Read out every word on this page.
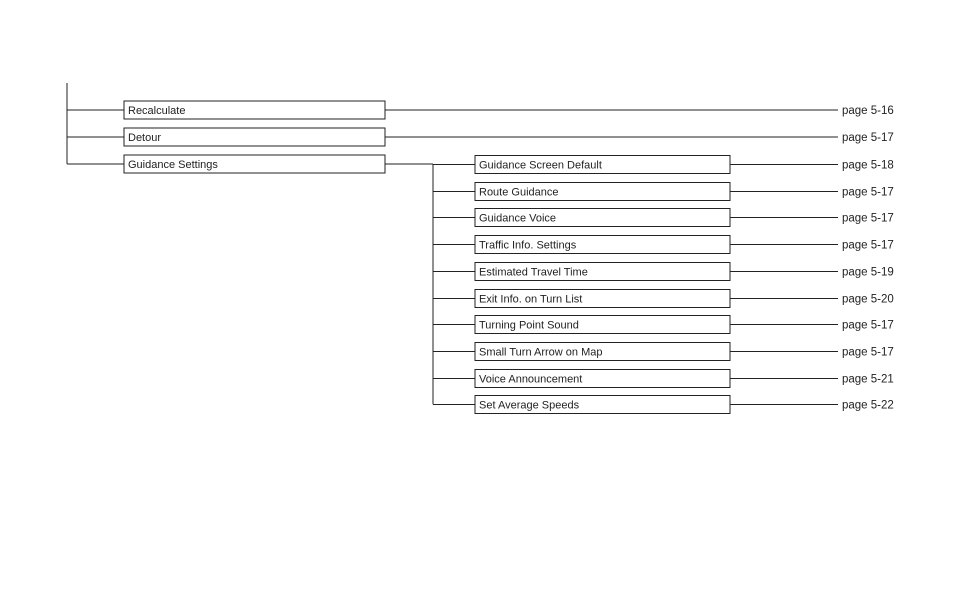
Recalculate	page 5-16
Detour	page 5-17
Guidance Settings	Guidance Screen Default	page 5-18
Route Guidance	page 5-17
Guidance Voice	page 5-17
Traffic Info. Settings	page 5-17
Estimated Travel Time	page 5-19
Exit Info. on Turn List	page 5-20
Turning Point Sound	page 5-17
Small Turn Arrow on Map	page 5-17
Voice Announcement	page 5-21
Set Average Speeds	page 5-22
